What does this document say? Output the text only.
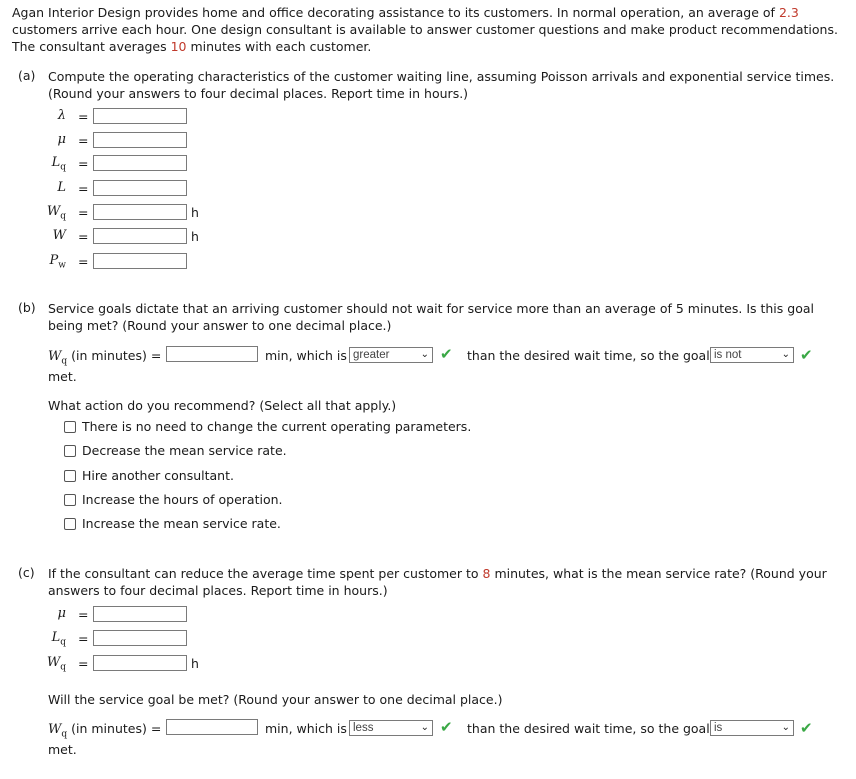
Agan Interior Design provides home and office decorating assistance to its customers. In normal operation, an average of 2.3 customers arrive each hour. One design consultant is available to answer customer questions and make product recommendations. The consultant averages 10 minutes with each customer.
(a) Compute the operating characteristics of the customer waiting line, assuming Poisson arrivals and exponential service times. (Round your answers to four decimal places. Report time in hours.)
λ =
μ =
$L_q$ =
L =
$W_q$ =	h
W =	h
$P_w$ =
(b) Service goals dictate that an arriving customer should not wait for service more than an average of 5 minutes. Is this goal being met? (Round your answer to one decimal place.)
$W_q$ (in minutes) =	min, which is greater	⌄ ✔ than the desired wait time, so the goal is not	⌄ ✔
met.
What action do you recommend? (Select all that apply.)
There is no need to change the current operating parameters.
Decrease the mean service rate.
Hire another consultant.
Increase the hours of operation.
Increase the mean service rate.
(c) If the consultant can reduce the average time spent per customer to 8 minutes, what is the mean service rate? (Round your answers to four decimal places. Report time in hours.)
μ =
$L_q$ =
$W_q$ =	h
Will the service goal be met? (Round your answer to one decimal place.)
$W_q$ (in minutes) =	min, which is less	⌄ ✔ than the desired wait time, so the goal is	⌄ ✔
met.
